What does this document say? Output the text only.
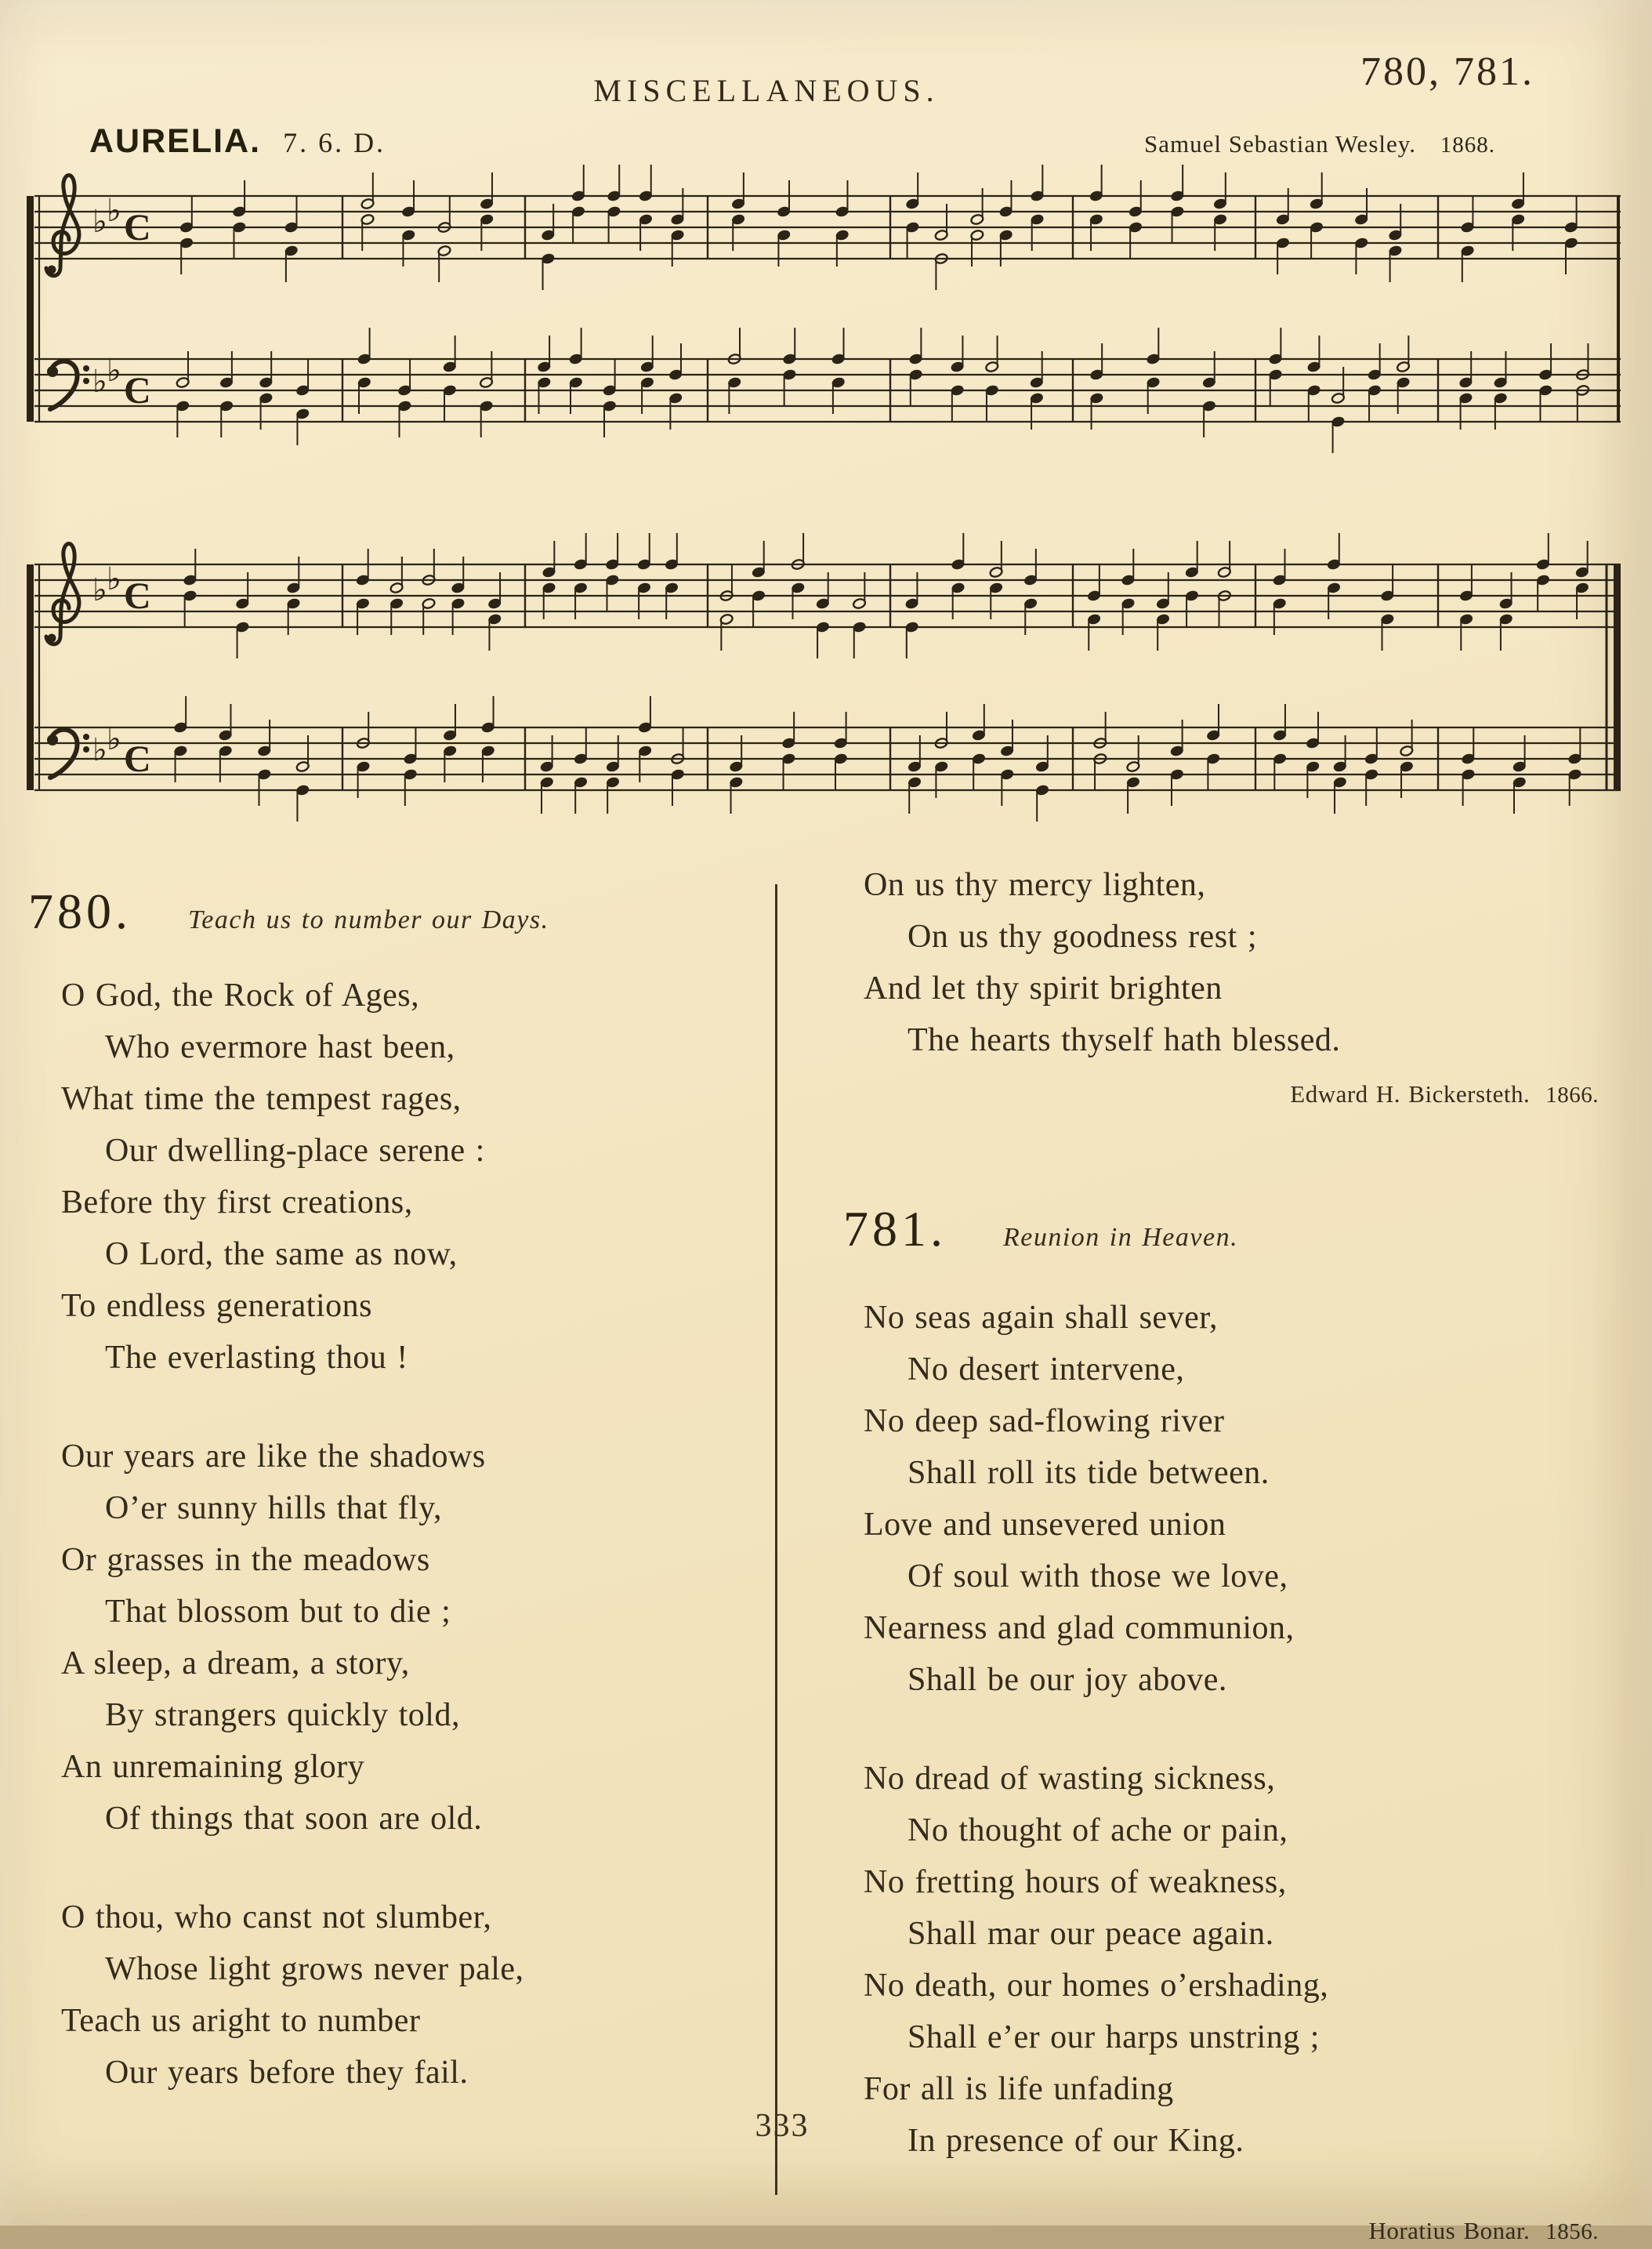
MISCELLANEOUS.	780, 781.
AURELIA. 7. 6. D.	Samuel Sebastian Wesley. 1868.
♭
♭
♭
♭
C
C
♭
♭
♭
♭
C
C
780. Teach us to number our Days.
O God, the Rock of Ages,
Who evermore hast been,
What time the tempest rages,
Our dwelling-place serene :
Before thy first creations,
O Lord, the same as now,
To endless generations
The everlasting thou !
Our years are like the shadows
O’er sunny hills that fly,
Or grasses in the meadows
That blossom but to die ;
A sleep, a dream, a story,
By strangers quickly told,
An unremaining glory
Of things that soon are old.
O thou, who canst not slumber,
Whose light grows never pale,
Teach us aright to number
Our years before they fail.
On us thy mercy lighten,
On us thy goodness rest ;
And let thy spirit brighten
The hearts thyself hath blessed.
Edward H. Bickersteth. 1866.
781. Reunion in Heaven.
No seas again shall sever,
No desert intervene,
No deep sad-flowing river
Shall roll its tide between.
Love and unsevered union
Of soul with those we love,
Nearness and glad communion,
Shall be our joy above.
No dread of wasting sickness,
No thought of ache or pain,
No fretting hours of weakness,
Shall mar our peace again.
No death, our homes o’ershading,
Shall e’er our harps unstring ;
For all is life unfading
In presence of our King.
Horatius Bonar. 1856.
333
